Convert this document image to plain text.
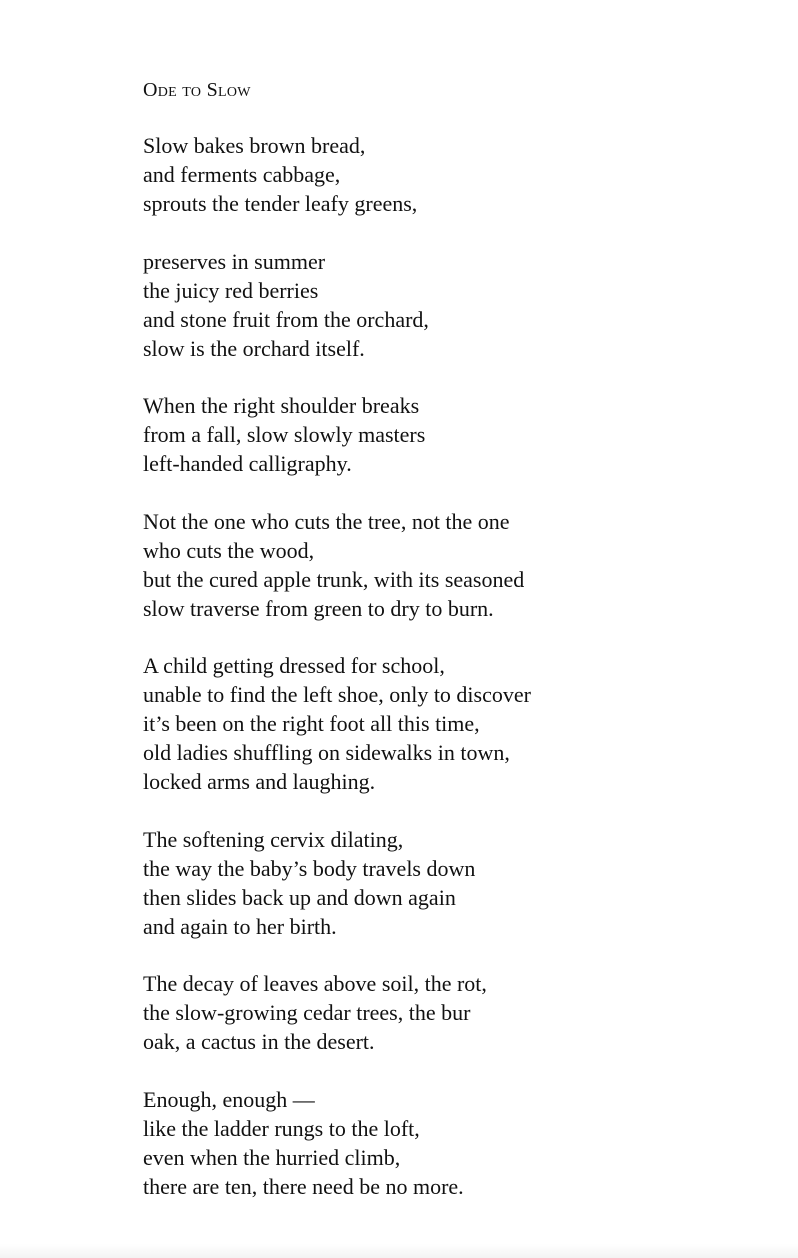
Ode to Slow
Slow bakes brown bread,
and ferments cabbage,
sprouts the tender leafy greens,
preserves in summer
the juicy red berries
and stone fruit from the orchard,
slow is the orchard itself.
When the right shoulder breaks
from a fall, slow slowly masters
left-handed calligraphy.
Not the one who cuts the tree, not the one
who cuts the wood,
but the cured apple trunk, with its seasoned
slow traverse from green to dry to burn.
A child getting dressed for school,
unable to find the left shoe, only to discover
it’s been on the right foot all this time,
old ladies shuffling on sidewalks in town,
locked arms and laughing.
The softening cervix dilating,
the way the baby’s body travels down
then slides back up and down again
and again to her birth.
The decay of leaves above soil, the rot,
the slow-growing cedar trees, the bur
oak, a cactus in the desert.
Enough, enough —
like the ladder rungs to the loft,
even when the hurried climb,
there are ten, there need be no more.
